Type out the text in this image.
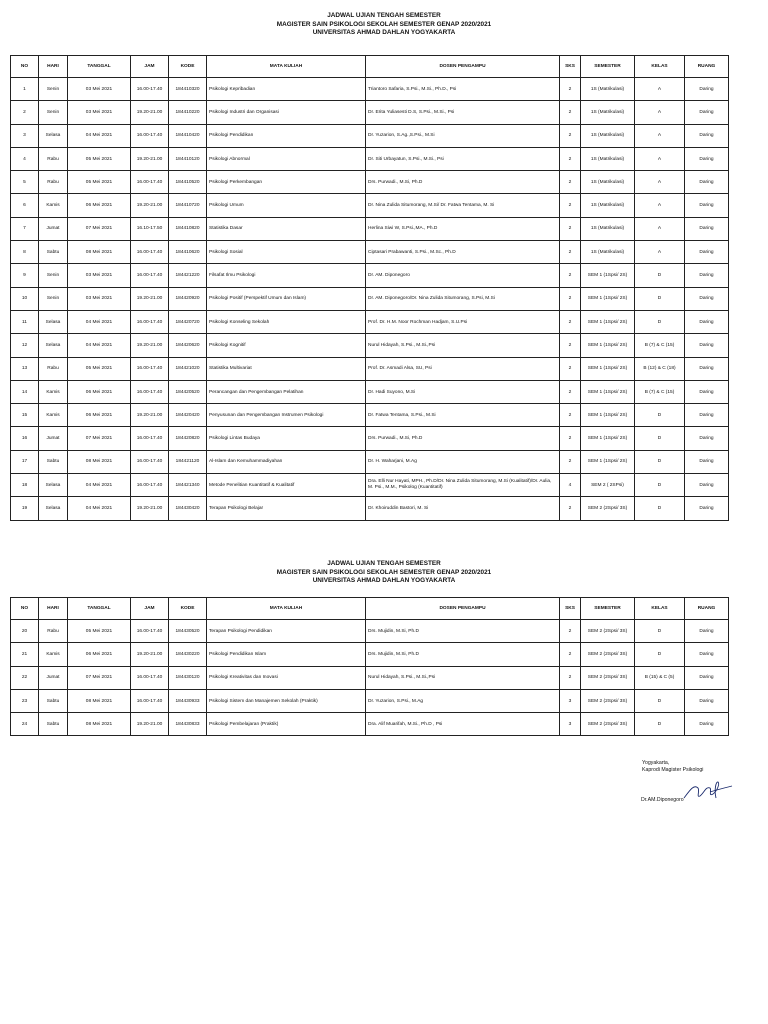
JADWAL UJIAN TENGAH SEMESTER
MAGISTER SAIN PSIKOLOGI SEKOLAH SEMESTER GENAP 2020/2021
UNIVERSITAS AHMAD DAHLAN YOGYAKARTA
NO	HARI	TANGGAL	JAM	KODE	MATA KULIAH	DOSEN PENGAMPU	SKS	SEMESTER	KELAS	RUANG
1	Senin	03 Mei 2021	16.00-17.40	184410320	Psikologi Kepribadian	Triantoro Safaria, S.Psi., M.Si., Ph.D., Psi	2	1S (Matrikulasi)	A	Daring
2	Senin	03 Mei 2021	19.20-21.00	184410220	Psikologi Industri dan Organisasi	Dr. Erita Yuliasesti D.S, S.Psi., M.Si., Psi	2	1S (Matrikulasi)	A	Daring
3	Selasa	04 Mei 2021	16.00-17.40	184410420	Psikologi Pendidikan	Dr. Yuzarion, S.Ag.,S.Psi., M.Si	2	1S (Matrikulasi)	A	Daring
4	Rabu	05 Mei 2021	19.20-21.00	184410120	Psikologi Abnormal	Dr. Siti Urbayatun, S.Psi., M.Si., Psi	2	1S (Matrikulasi)	A	Daring
5	Rabu	05 Mei 2021	16.00-17.40	184410520	Psikologi Perkembangan	Drs. Purwadi., M.Si, Ph.D	2	1S (Matrikulasi)	A	Daring
6	Kamis	06 Mei 2021	19.20-21.00	184410720	Psikologi Umum	Dr. Nina Zulida Situmorang, M.Si/ Dr. Fatwa Tentama, M. Si	2	1S (Matrikulasi)	A	Daring
7	Jumat	07 Mei 2021	16.10-17.50	184410820	Statistika Dasar	Herlina Siwi W, S.Psi.,MA., Ph.D	2	1S (Matrikulasi)	A	Daring
8	Sabtu	08 Mei 2021	16.00-17.40	184410620	Psikologi Sosial	Ciptasari Prabawanti, S.Psi., M.Sc., Ph.D	2	1S (Matrikulasi)	A	Daring
9	Senin	03 Mei 2021	16.00-17.40	184421220	Filsafat Ilmu Psikologi	Dr. AM. Diponegoro	2	SEM 1 (1Spsi/ 2S)	D	Daring
10	Senin	03 Mei 2021	19.20-21.00	184420920	Psikologi Positif (Perspektif Umum dan Islam)	Dr. AM. Diponegoro/Dr. Nina Zulida Situmorang, S.Psi, M.Si	2	SEM 1 (1Spsi/ 2S)	D	Daring
11	Selasa	04 Mei 2021	16.00-17.40	184420720	Psikologi Konseling Sekolah	Prof. Dr. H.M. Noor Rochman Hadjam, S.U.Psi	2	SEM 1 (1Spsi/ 2S)	D	Daring
12	Selasa	04 Mei 2021	19.20-21.00	184420620	Psikologi Kognitif	Nurul Hidayah, S.Psi., M.Si.,Psi	2	SEM 1 (1Spsi/ 2S)	B (7) & C (15)	Daring
13	Rabu	05 Mei 2021	16.00-17.40	184421020	Statistika Multivariat	Prof. Dr. Asmadi Alsa, SU, Psi	2	SEM 1 (1Spsi/ 2S)	B (12) & C (18)	Daring
14	Kamis	06 Mei 2021	16.00-17.40	184420520	Perancangan dan Pengembangan Pelatihan	Dr. Hadi Suyono, M.Si	2	SEM 1 (1Spsi/ 2S)	B (7) & C (15)	Daring
15	Kamis	06 Mei 2021	19.20-21.00	184420420	Penyusunan dan Pengembangan Instrumen Psikologi	Dr. Fatwa Tentama, S.Psi., M.Si	2	SEM 1 (1Spsi/ 2S)	D	Daring
16	Jumat	07 Mei 2021	16.00-17.40	184420820	Psikologi Lintas Budaya	Drs. Purwadi., M.Si, Ph.D	2	SEM 1 (1Spsi/ 2S)	D	Daring
17	Sabtu	08 Mei 2021	16.00-17.40	184421120	Al-Islam dan Kemuhammadiyahan	Dr. H. Waharjani, M.Ag	2	SEM 1 (1Spsi/ 2S)	D	Daring
18	Selasa	04 Mei 2021	16.00-17.40	184421340	Metode Penelitian Kuantitatif & Kualitatif	Dra. Elli Nur Hayati, MPH., Ph.D/Dr. Nina Zulida Situmorang, M.Si (Kualitatif)/Dr. Aulia, M. Psi., M.M., Psikolog (Kuantitatif)	4	SEM 2 ( 2SPsi)	D	Daring
19	Selasa	04 Mei 2021	19.20-21.00	184430420	Terapan Psikologi Belajar	Dr. Khoiruddin Bastori, M. Si	2	SEM 2 (2Spsi/ 3S)	D	Daring
JADWAL UJIAN TENGAH SEMESTER
MAGISTER SAIN PSIKOLOGI SEKOLAH SEMESTER GENAP 2020/2021
UNIVERSITAS AHMAD DAHLAN YOGYAKARTA
NO	HARI	TANGGAL	JAM	KODE	MATA KULIAH	DOSEN PENGAMPU	SKS	SEMESTER	KELAS	RUANG
20	Rabu	05 Mei 2021	16.00-17.40	184430520	Terapan Psikologi Pendidikan	Drs. Mujidin, M.Si, Ph.D	2	SEM 2 (2Spsi/ 3S)	D	Daring
21	Kamis	06 Mei 2021	19.20-21.00	184430220	Psikologi Pendidikan Islam	Drs. Mujidin, M.Si, Ph.D	2	SEM 2 (2Spsi/ 3S)	D	Daring
22	Jumat	07 Mei 2021	16.00-17.40	184430120	Psikologi Kreativitas dan Inovasi	Nurul Hidayah, S.Psi., M.Si.,Psi	2	SEM 2 (2Spsi/ 3S)	B (15) & C (5)	Daring
23	Sabtu	08 Mei 2021	16.00-17.40	184430933	Psikologi Sistem dan Manajemen Sekolah (Praktik)	Dr. Yuzarion, S.Psi., M.Ag	3	SEM 2 (2Spsi/ 3S)	D	Daring
24	Sabtu	08 Mei 2021	19.20-21.00	184430833	Psikologi Pembelajaran (Praktik)	Dra. Alif Muarifah, M.Si., Ph.D , Psi	3	SEM 2 (2Spsi/ 3S)	D	Daring
Yogyakarta,
Kaprodi Magister Psikologi
Dr.AM.Diponegoro
